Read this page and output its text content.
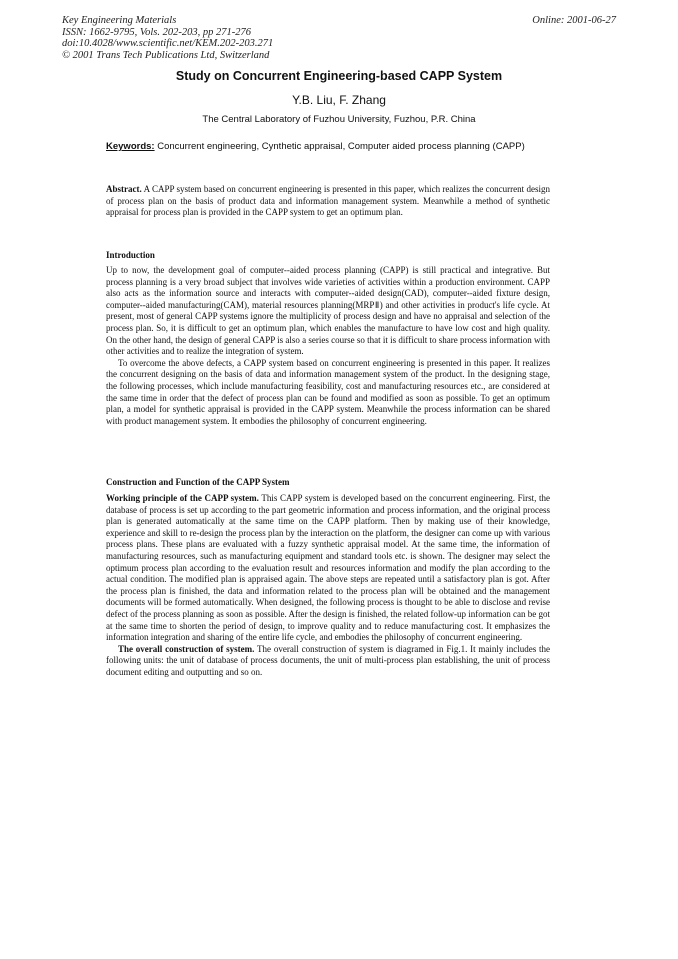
Key Engineering Materials
ISSN: 1662-9795, Vols. 202-203, pp 271-276
doi:10.4028/www.scientific.net/KEM.202-203.271
© 2001 Trans Tech Publications Ltd, Switzerland
Online: 2001-06-27
Study on Concurrent Engineering-based CAPP System
Y.B. Liu, F. Zhang
The Central Laboratory of Fuzhou University, Fuzhou, P.R. China
Keywords: Concurrent engineering, Cynthetic appraisal, Computer aided process planning (CAPP)

Abstract. A CAPP system based on concurrent engineering is presented in this paper, which realizes the concurrent design of process plan on the basis of product data and information management system. Meanwhile a method of synthetic appraisal for process plan is provided in the CAPP system to get an optimum plan.

Introduction

Up to now, the development goal of computer--aided process planning (CAPP) is still practical and integrative. But process planning is a very broad subject that involves wide varieties of activities within a production environment. CAPP also acts as the information source and interacts with computer--aided design(CAD), computer--aided fixture design, computer--aided manufacturing(CAM), material resources planning(MRPⅡ) and other activities in product's life cycle. At present, most of general CAPP systems ignore the multiplicity of process design and have no appraisal and selection of the process plan. So, it is difficult to get an optimum plan, which enables the manufacture to have low cost and high quality. On the other hand, the design of general CAPP is also a series course so that it is difficult to share process information with other activities and to realize the integration of system.

To overcome the above defects, a CAPP system based on concurrent engineering is presented in this paper. It realizes the concurrent designing on the basis of data and information management system of the product. In the designing stage, the following processes, which include manufacturing feasibility, cost and manufacturing resources etc., are considered at the same time in order that the defect of process plan can be found and modified as soon as possible. To get an optimum plan, a model for synthetic appraisal is provided in the CAPP system. Meanwhile the process information can be shared with product management system. It embodies the philosophy of concurrent engineering.

Construction and Function of the CAPP System

Working principle of the CAPP system. This CAPP system is developed based on the concurrent engineering. First, the database of process is set up according to the part geometric information and process information, and the original process plan is generated automatically at the same time on the CAPP platform. Then by making use of their knowledge, experience and skill to re-design the process plan by the interaction on the platform, the designer can come up with various process plans. These plans are evaluated with a fuzzy synthetic appraisal model. At the same time, the information of manufacturing resources, such as manufacturing equipment and standard tools etc. is shown. The designer may select the optimum process plan according to the evaluation result and resources information and modify the plan according to the actual condition. The modified plan is appraised again. The above steps are repeated until a satisfactory plan is got. After the process plan is finished, the data and information related to the process plan will be obtained and the management documents will be formed automatically. When designed, the following process is thought to be able to disclose and revise defect of the process planning as soon as possible. After the design is finished, the related follow-up information can be got at the same time to shorten the period of design, to improve quality and to reduce manufacturing cost. It emphasizes the information integration and sharing of the entire life cycle, and embodies the philosophy of concurrent engineering.

The overall construction of system. The overall construction of system is diagramed in Fig.1. It mainly includes the following units: the unit of database of process documents, the unit of multi-process plan establishing, the unit of process document editing and outputting and so on.
